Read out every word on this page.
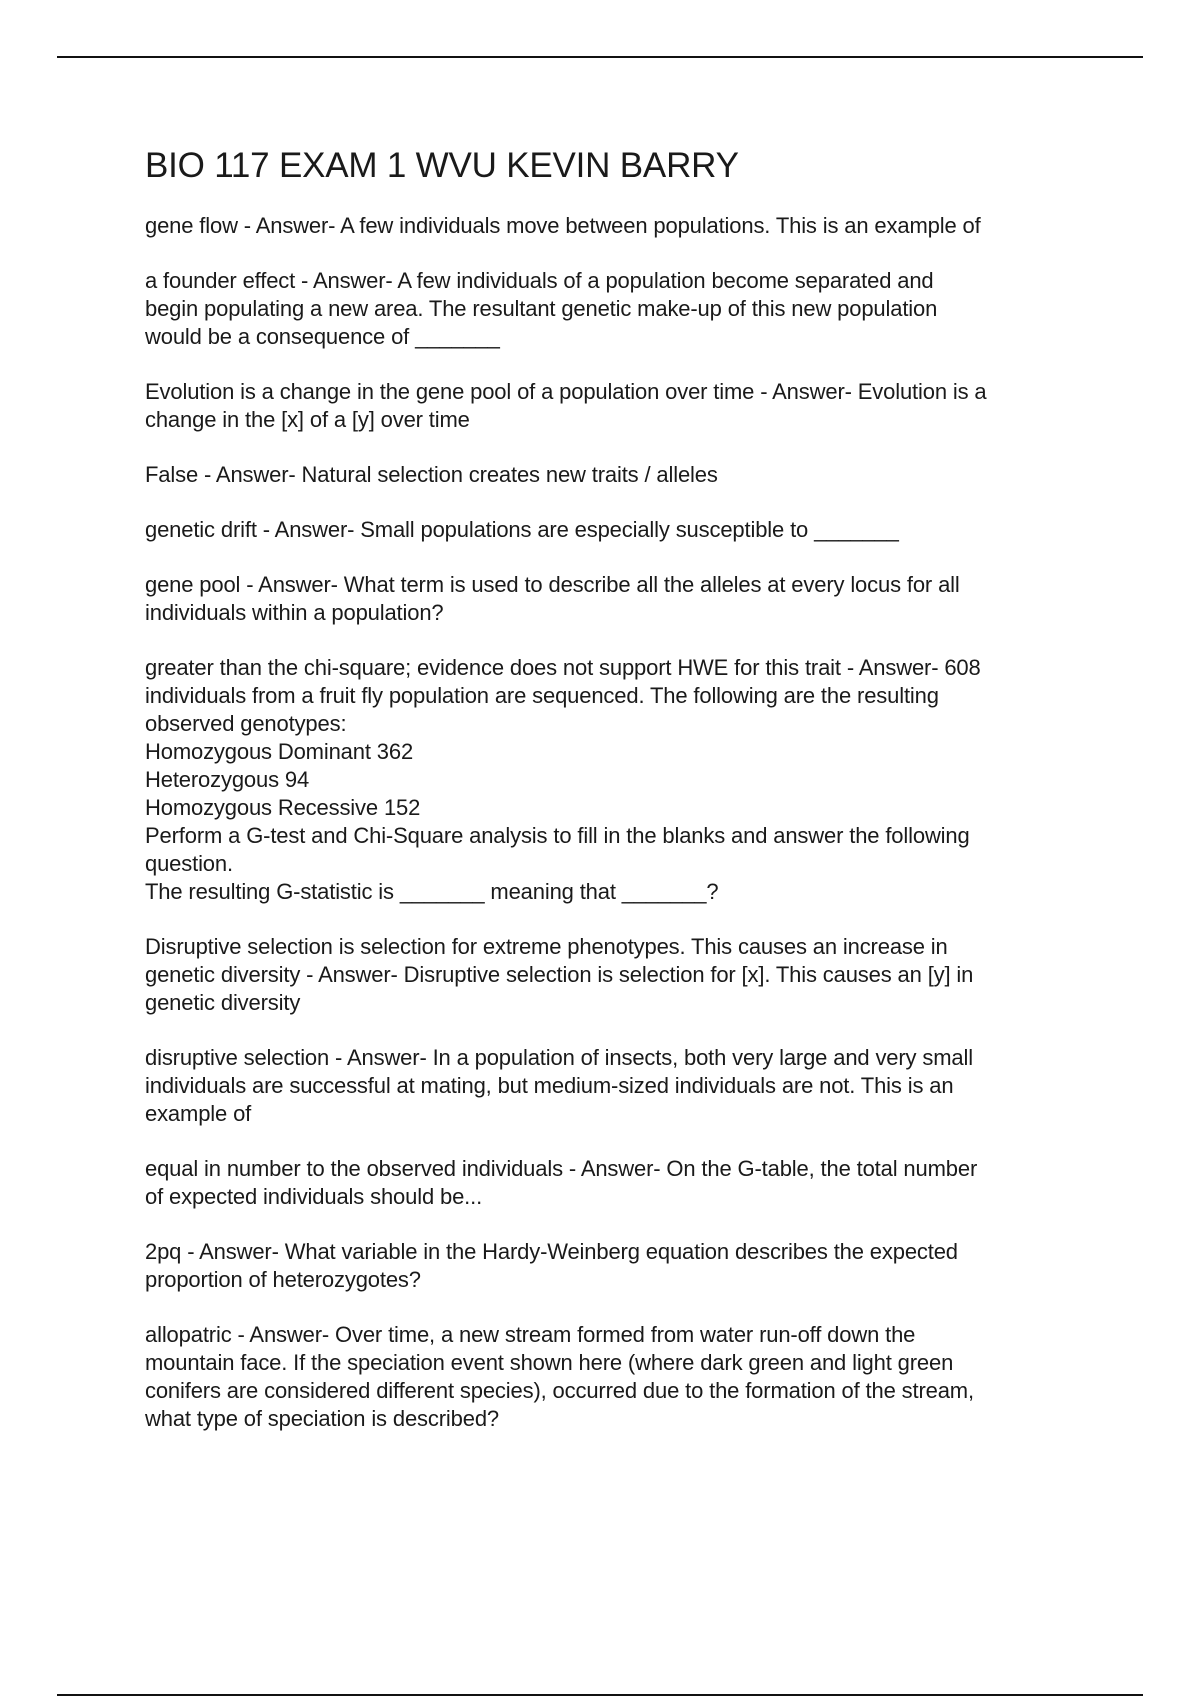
BIO 117 EXAM 1 WVU KEVIN BARRY
gene flow - Answer- A few individuals move between populations. This is an example of
a founder effect - Answer- A few individuals of a population become separated and
begin populating a new area. The resultant genetic make-up of this new population
would be a consequence of _______
Evolution is a change in the gene pool of a population over time - Answer- Evolution is a
change in the [x] of a [y] over time
False - Answer- Natural selection creates new traits / alleles
genetic drift - Answer- Small populations are especially susceptible to _______
gene pool - Answer- What term is used to describe all the alleles at every locus for all
individuals within a population?
greater than the chi-square; evidence does not support HWE for this trait - Answer- 608
individuals from a fruit fly population are sequenced. The following are the resulting
observed genotypes:
Homozygous Dominant 362
Heterozygous 94
Homozygous Recessive 152
Perform a G-test and Chi-Square analysis to fill in the blanks and answer the following
question.
The resulting G-statistic is _______ meaning that _______?
Disruptive selection is selection for extreme phenotypes. This causes an increase in
genetic diversity - Answer- Disruptive selection is selection for [x]. This causes an [y] in
genetic diversity
disruptive selection - Answer- In a population of insects, both very large and very small
individuals are successful at mating, but medium-sized individuals are not. This is an
example of
equal in number to the observed individuals - Answer- On the G-table, the total number
of expected individuals should be...
2pq - Answer- What variable in the Hardy-Weinberg equation describes the expected
proportion of heterozygotes?
allopatric - Answer- Over time, a new stream formed from water run-off down the
mountain face. If the speciation event shown here (where dark green and light green
conifers are considered different species), occurred due to the formation of the stream,
what type of speciation is described?
